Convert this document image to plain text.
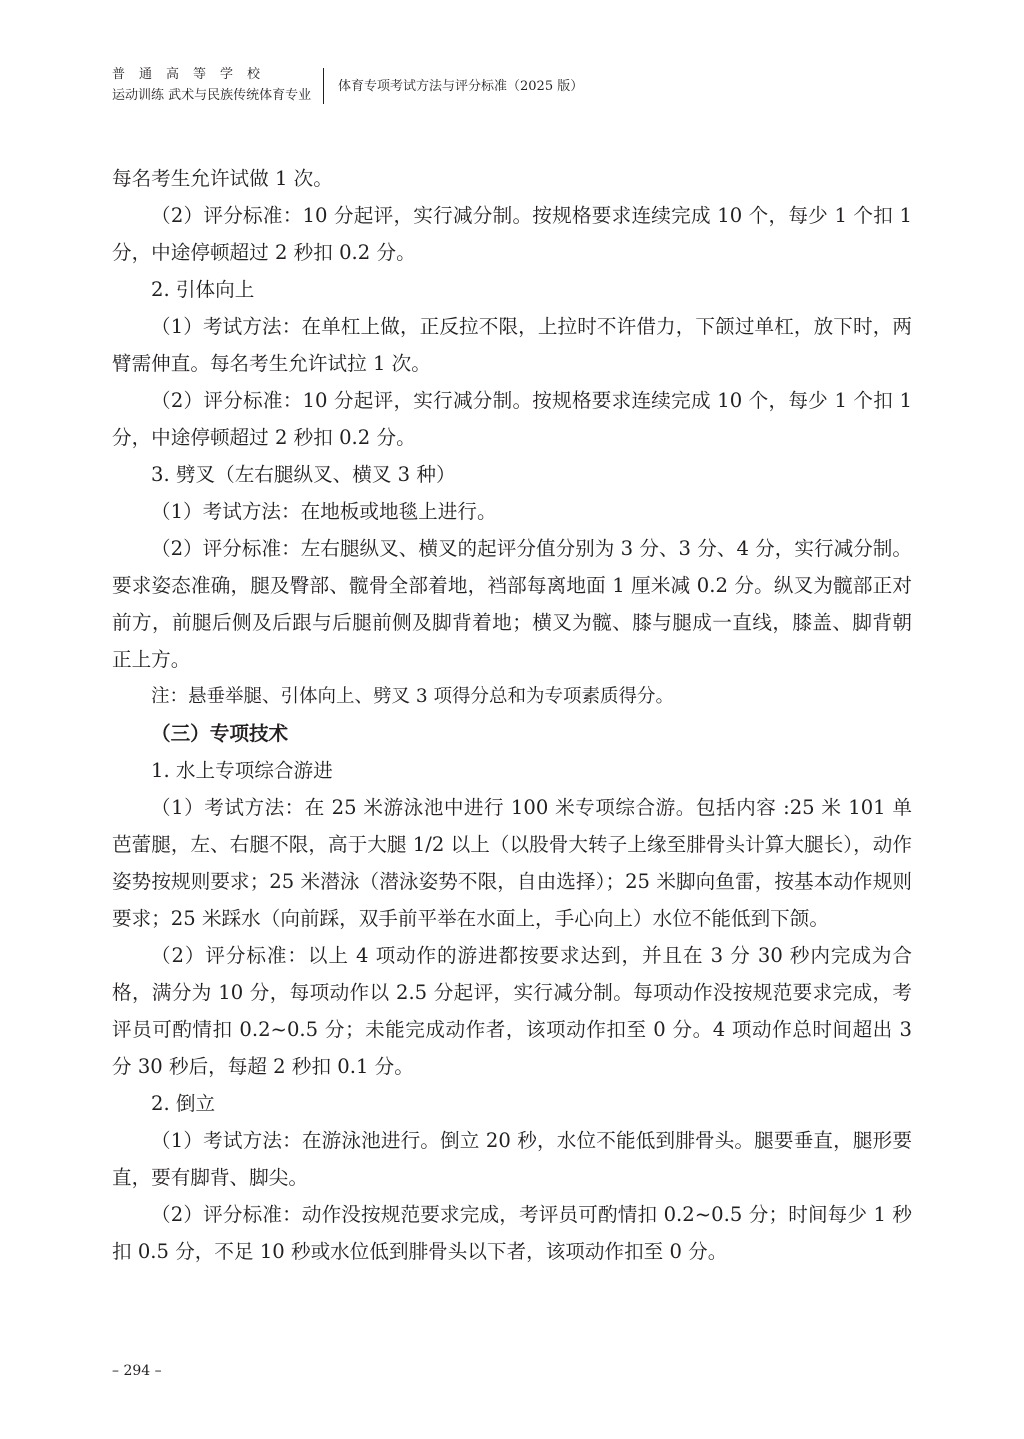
普通高等学校
运动训练 武术与民族传统体育专业
体育专项考试方法与评分标准（2025 版）

每名考生允许试做 1 次。

（2）评分标准：10 分起评，实行减分制。按规格要求连续完成 10 个，每少 1 个扣 1 分，中途停顿超过 2 秒扣 0.2 分。

2. 引体向上

（1）考试方法：在单杠上做，正反拉不限，上拉时不许借力，下颌过单杠，放下时，两臂需伸直。每名考生允许试拉 1 次。

（2）评分标准：10 分起评，实行减分制。按规格要求连续完成 10 个，每少 1 个扣 1 分，中途停顿超过 2 秒扣 0.2 分。

3. 劈叉（左右腿纵叉、横叉 3 种）

（1）考试方法：在地板或地毯上进行。

（2）评分标准：左右腿纵叉、横叉的起评分值分别为 3 分、3 分、4 分，实行减分制。要求姿态准确，腿及臀部、髋骨全部着地，裆部每离地面 1 厘米减 0.2 分。纵叉为髋部正对前方，前腿后侧及后跟与后腿前侧及脚背着地；横叉为髋、膝与腿成一直线，膝盖、脚背朝正上方。

注：悬垂举腿、引体向上、劈叉 3 项得分总和为专项素质得分。

（三）专项技术

1. 水上专项综合游进

（1）考试方法：在 25 米游泳池中进行 100 米专项综合游。包括内容 :25 米 101 单芭蕾腿，左、右腿不限，高于大腿 1/2 以上（以股骨大转子上缘至腓骨头计算大腿长），动作姿势按规则要求；25 米潜泳（潜泳姿势不限，自由选择）；25 米脚向鱼雷，按基本动作规则要求；25 米踩水（向前踩，双手前平举在水面上，手心向上）水位不能低到下颌。

（2）评分标准：以上 4 项动作的游进都按要求达到，并且在 3 分 30 秒内完成为合格，满分为 10 分，每项动作以 2.5 分起评，实行减分制。每项动作没按规范要求完成，考评员可酌情扣 0.2~0.5 分；未能完成动作者，该项动作扣至 0 分。4 项动作总时间超出 3 分 30 秒后，每超 2 秒扣 0.1 分。

2. 倒立

（1）考试方法：在游泳池进行。倒立 20 秒，水位不能低到腓骨头。腿要垂直，腿形要直，要有脚背、脚尖。

（2）评分标准：动作没按规范要求完成，考评员可酌情扣 0.2~0.5 分；时间每少 1 秒扣 0.5 分，不足 10 秒或水位低到腓骨头以下者，该项动作扣至 0 分。

– 294 –
